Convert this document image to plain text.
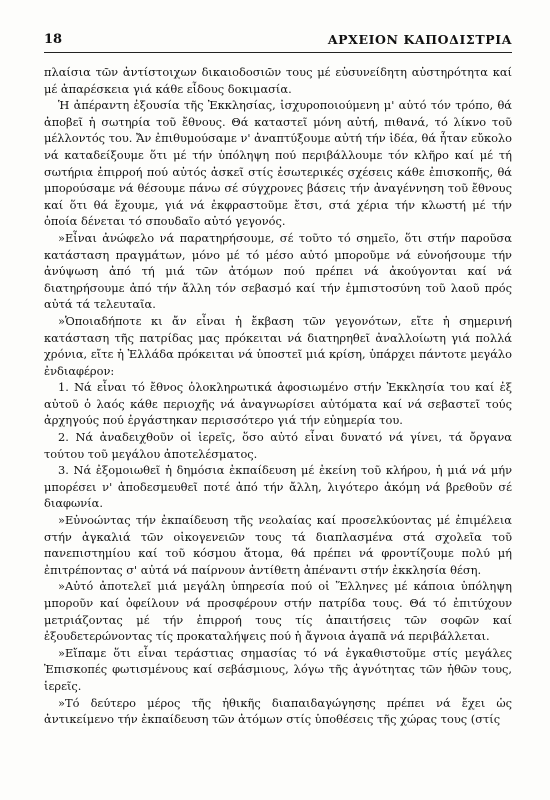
18	ΑΡΧΕΙΟΝ ΚΑΠΟΔΙΣΤΡΙΑ

πλαίσια τῶν ἀντίστοιχων δικαιοδοσιῶν τους μέ εὐσυνείδητη αὐστηρότητα καί μέ ἀπαρέσκεια γιά κάθε εἶδους δοκιμασία.

Ἡ ἀπέραντη ἐξουσία τῆς Ἐκκλησίας, ἰσχυροποιούμενη μ' αὐτό τόν τρόπο, θά ἀποβεῖ ἡ σωτηρία τοῦ ἔθνους. Θά καταστεῖ μόνη αὐτή, πιθανά, τό λίκνο τοῦ μέλλοντός του. Ἄν ἐπιθυμούσαμε ν' ἀναπτύξουμε αὐτή τήν ἰδέα, θά ἦταν εὔκολο νά καταδείξουμε ὅτι μέ τήν ὑπόληψη πού περιβάλλουμε τόν κλῆρο καί μέ τή σωτήρια ἐπιρροή πού αὐτός ἀσκεῖ στίς ἐσωτερικές σχέσεις κάθε ἐπισκοπῆς, θά μπορούσαμε νά θέσουμε πάνω σέ σύγχρονες βάσεις τήν ἀναγέννηση τοῦ ἔθνους καί ὅτι θά ἔχουμε, γιά νά ἐκφραστοῦμε ἔτσι, στά χέρια τήν κλωστή μέ τήν ὁποία δένεται τό σπουδαῖο αὐτό γεγονός.

»Εἶναι ἀνώφελο νά παρατηρήσουμε, σέ τοῦτο τό σημεῖο, ὅτι στήν παροῦσα κατάσταση πραγμάτων, μόνο μέ τό μέσο αὐτό μποροῦμε νά εὐνοήσουμε τήν ἀνύψωση ἀπό τή μιά τῶν ἀτόμων πού πρέπει νά ἀκούγονται καί νά διατηρήσουμε ἀπό τήν ἄλλη τόν σεβασμό καί τήν ἐμπιστοσύνη τοῦ λαοῦ πρός αὐτά τά τελευταῖα.

»Ὁποιαδήποτε κι ἄν εἶναι ἡ ἔκβαση τῶν γεγονότων, εἴτε ἡ σημερινή κατάσταση τῆς πατρίδας μας πρόκειται νά διατηρηθεῖ ἀναλλοίωτη γιά πολλά χρόνια, εἴτε ἡ Ἑλλάδα πρόκειται νά ὑποστεῖ μιά κρίση, ὑπάρχει πάντοτε μεγάλο ἐνδιαφέρον:

1. Νά εἶναι τό ἔθνος ὁλοκληρωτικά ἀφοσιωμένο στήν Ἐκκλησία του καί ἐξ αὐτοῦ ὁ λαός κάθε περιοχῆς νά ἀναγνωρίσει αὐτόματα καί νά σεβαστεῖ τούς ἀρχηγούς πού ἐργάστηκαν περισσότερο γιά τήν εὐημερία του.

2. Νά ἀναδειχθοῦν οἱ ἱερεῖς, ὅσο αὐτό εἶναι δυνατό νά γίνει, τά ὄργανα τούτου τοῦ μεγάλου ἀποτελέσματος.

3. Νά ἐξομοιωθεῖ ἡ δημόσια ἐκπαίδευση μέ ἐκείνη τοῦ κλήρου, ἡ μιά νά μήν μπορέσει ν' ἀποδεσμευθεῖ ποτέ ἀπό τήν ἄλλη, λιγότερο ἀκόμη νά βρεθοῦν σέ διαφωνία.

»Εὐνοώντας τήν ἐκπαίδευση τῆς νεολαίας καί προσελκύοντας μέ ἐπιμέλεια στήν ἀγκαλιά τῶν οἰκογενειῶν τους τά διαπλασμένα στά σχολεῖα τοῦ πανεπιστημίου καί τοῦ κόσμου ἄτομα, θά πρέπει νά φροντίζουμε πολύ μή ἐπιτρέποντας σ' αὐτά νά παίρνουν ἀντίθετη ἀπέναντι στήν ἐκκλησία θέση.

»Αὐτό ἀποτελεῖ μιά μεγάλη ὑπηρεσία πού οἱ Ἕλληνες μέ κάποια ὑπόληψη μποροῦν καί ὀφείλουν νά προσφέρουν στήν πατρίδα τους. Θά τό ἐπιτύχουν μετριάζοντας μέ τήν ἐπιρροή τους τίς ἀπαιτήσεις τῶν σοφῶν καί ἐξουδετερώνοντας τίς προκαταλήψεις πού ἡ ἄγνοια ἀγαπᾶ νά περιβάλλεται.

»Εἴπαμε ὅτι εἶναι τεράστιας σημασίας τό νά ἐγκαθιστοῦμε στίς μεγάλες Ἐπισκοπές φωτισμένους καί σεβάσμιους, λόγω τῆς ἀγνότητας τῶν ἠθῶν τους, ἱερεῖς.

»Τό δεύτερο μέρος τῆς ἠθικῆς διαπαιδαγώγησης πρέπει νά ἔχει ὡς ἀντικείμενο τήν ἐκπαίδευση τῶν ἀτόμων στίς ὑποθέσεις τῆς χώρας τους (στίς
